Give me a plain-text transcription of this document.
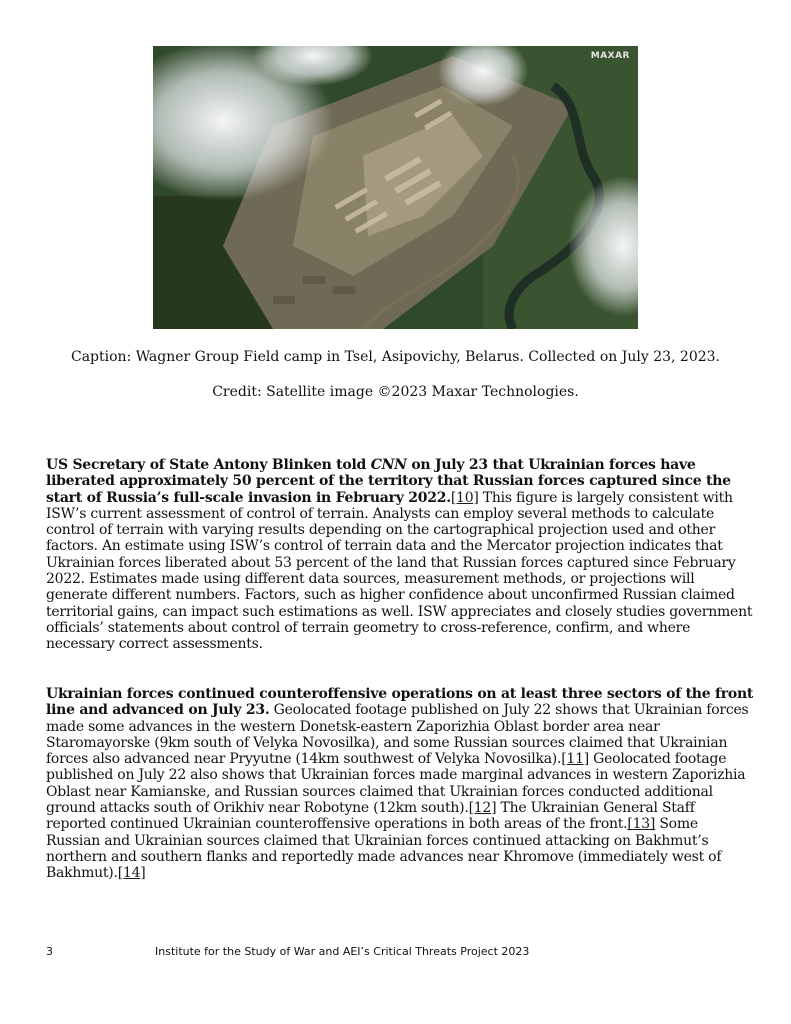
MAXAR
Caption: Wagner Group Field camp in Tsel, Asipovichy, Belarus. Collected on July 23, 2023.
Credit: Satellite image ©2023 Maxar Technologies.
US Secretary of State Antony Blinken told CNN on July 23 that Ukrainian forces have liberated approximately 50 percent of the territory that Russian forces captured since the start of Russia’s full-scale invasion in February 2022.[10] This figure is largely consistent with ISW’s current assessment of control of terrain. Analysts can employ several methods to calculate control of terrain with varying results depending on the cartographical projection used and other factors. An estimate using ISW’s control of terrain data and the Mercator projection indicates that Ukrainian forces liberated about 53 percent of the land that Russian forces captured since February 2022. Estimates made using different data sources, measurement methods, or projections will generate different numbers. Factors, such as higher confidence about unconfirmed Russian claimed territorial gains, can impact such estimations as well. ISW appreciates and closely studies government officials’ statements about control of terrain geometry to cross-reference, confirm, and where necessary correct assessments.
Ukrainian forces continued counteroffensive operations on at least three sectors of the front line and advanced on July 23. Geolocated footage published on July 22 shows that Ukrainian forces made some advances in the western Donetsk-eastern Zaporizhia Oblast border area near Staromayorske (9km south of Velyka Novosilka), and some Russian sources claimed that Ukrainian forces also advanced near Pryyutne (14km southwest of Velyka Novosilka).[11] Geolocated footage published on July 22 also shows that Ukrainian forces made marginal advances in western Zaporizhia Oblast near Kamianske, and Russian sources claimed that Ukrainian forces conducted additional ground attacks south of Orikhiv near Robotyne (12km south).[12] The Ukrainian General Staff reported continued Ukrainian counteroffensive operations in both areas of the front.[13] Some Russian and Ukrainian sources claimed that Ukrainian forces continued attacking on Bakhmut’s northern and southern flanks and reportedly made advances near Khromove (immediately west of Bakhmut).[14]
3	Institute for the Study of War and AEI’s Critical Threats Project 2023
